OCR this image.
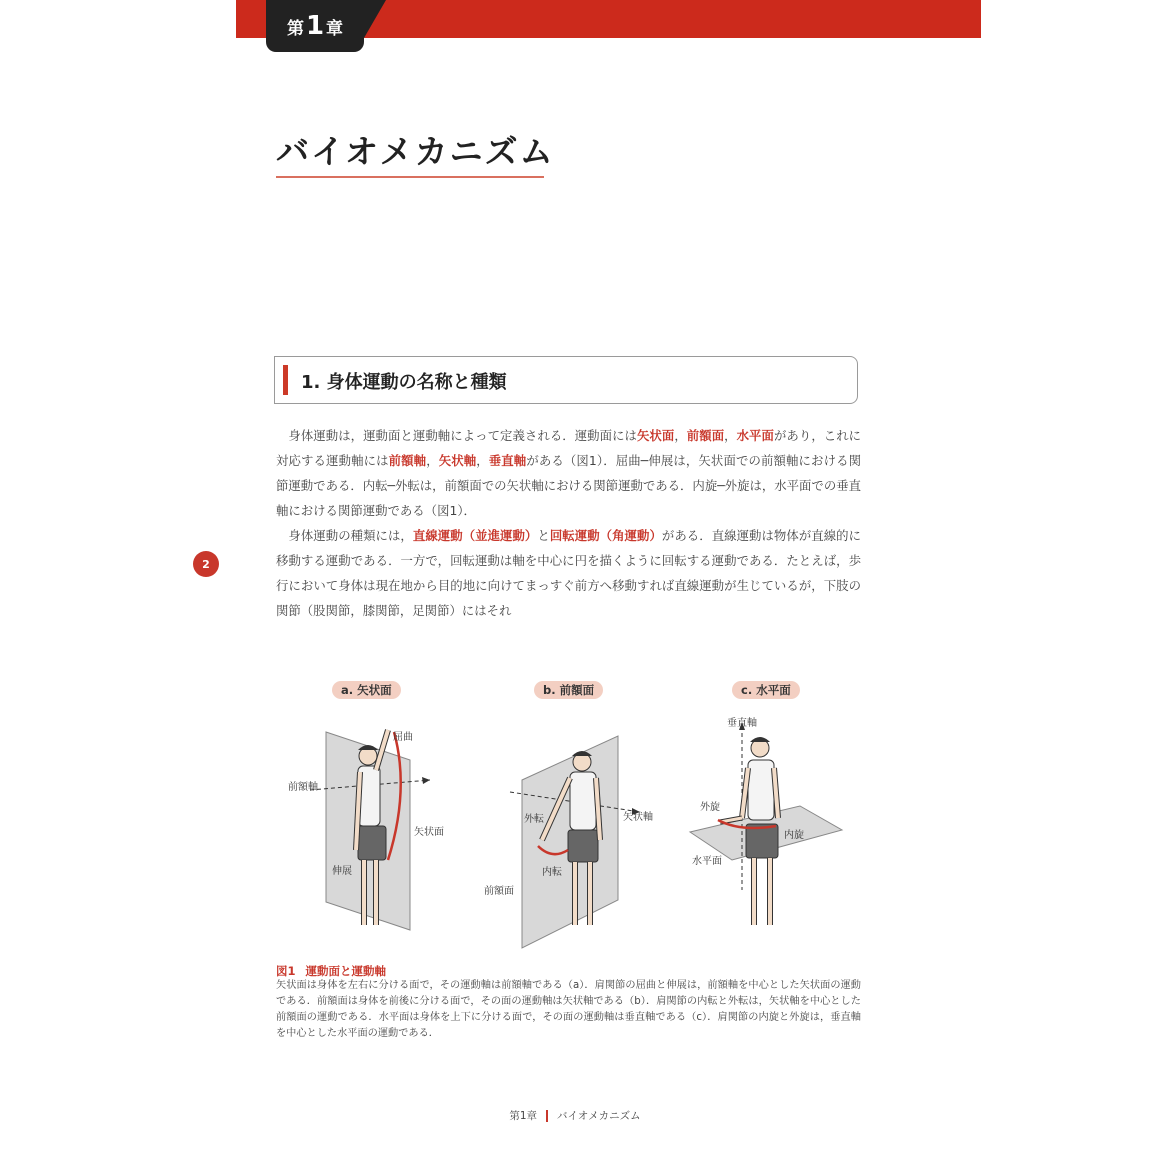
第 1 章
バイオメカニズム
1. 身体運動の名称と種類

身体運動は，運動面と運動軸によって定義される．運動面には矢状面，前額面，水平面があり，これに対応する運動軸には前額軸，矢状軸，垂直軸がある（図1）．屈曲─伸展は，矢状面での前額軸における関節運動である．内転─外転は，前額面での矢状軸における関節運動である．内旋─外旋は，水平面での垂直軸における関節運動である（図1）．

身体運動の種類には，直線運動（並進運動）と回転運動（角運動）がある．直線運動は物体が直線的に移動する運動である．一方で，回転運動は軸を中心に円を描くように回転する運動である．たとえば，歩行において身体は現在地から目的地に向けてまっすぐ前方へ移動すれば直線運動が生じているが，下肢の関節（股関節，膝関節，足関節）にはそれ

2
a. 矢状面	b. 前額面	c. 水平面
屈曲
前額軸
矢状面
伸展
外転	矢状軸
内転
前額面
垂直軸
外旋
内旋
水平面
図1 運動面と運動軸
矢状面は身体を左右に分ける面で，その運動軸は前額軸である（a）．肩関節の屈曲と伸展は，前額軸を中心とした矢状面の運動である．前額面は身体を前後に分ける面で，その面の運動軸は矢状軸である（b）．肩関節の内転と外転は，矢状軸を中心とした前額面の運動である．水平面は身体を上下に分ける面で，その面の運動軸は垂直軸である（c）．肩関節の内旋と外旋は，垂直軸を中心とした水平面の運動である．
第1章 バイオメカニズム
